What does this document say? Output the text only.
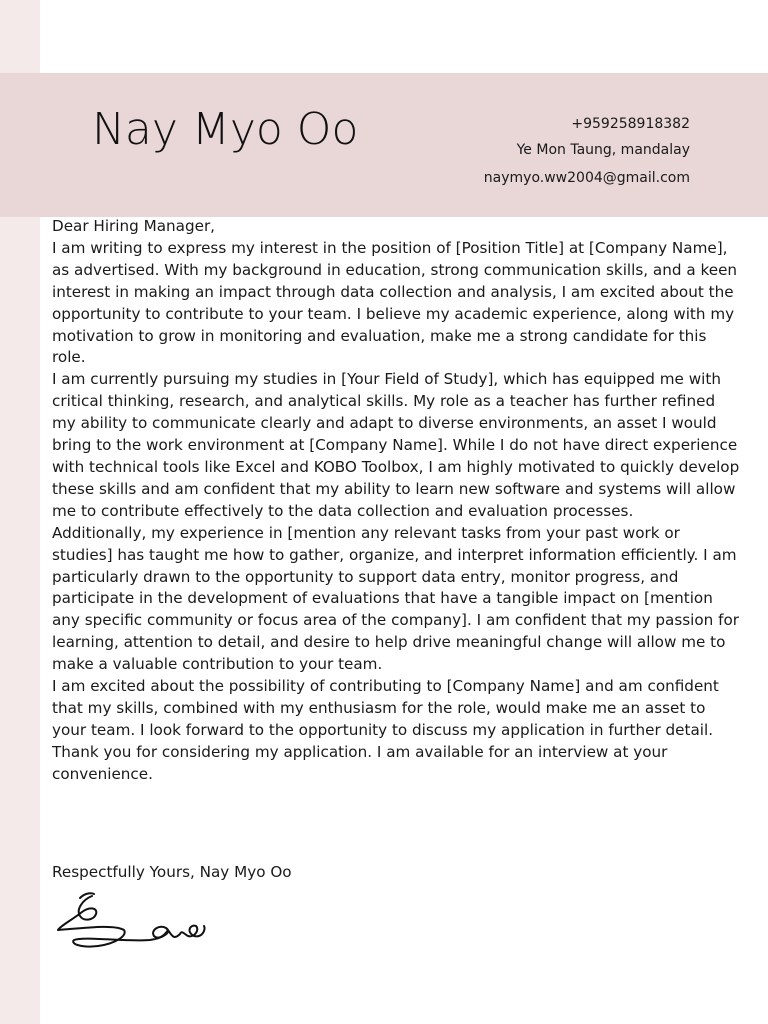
Nay Myo Oo	+959258918382
Ye Mon Taung, mandalay
naymyo.ww2004@gmail.com

Dear Hiring Manager,

I am writing to express my interest in the position of [Position Title] at [Company Name], as advertised. With my background in education, strong communication skills, and a keen interest in making an impact through data collection and analysis, I am excited about the opportunity to contribute to your team. I believe my academic experience, along with my motivation to grow in monitoring and evaluation, make me a strong candidate for this role.

I am currently pursuing my studies in [Your Field of Study], which has equipped me with critical thinking, research, and analytical skills. My role as a teacher has further refined my ability to communicate clearly and adapt to diverse environments, an asset I would bring to the work environment at [Company Name]. While I do not have direct experience with technical tools like Excel and KOBO Toolbox, I am highly motivated to quickly develop these skills and am confident that my ability to learn new software and systems will allow me to contribute effectively to the data collection and evaluation processes.

Additionally, my experience in [mention any relevant tasks from your past work or studies] has taught me how to gather, organize, and interpret information efficiently. I am particularly drawn to the opportunity to support data entry, monitor progress, and participate in the development of evaluations that have a tangible impact on [mention any specific community or focus area of the company]. I am confident that my passion for learning, attention to detail, and desire to help drive meaningful change will allow me to make a valuable contribution to your team.

I am excited about the possibility of contributing to [Company Name] and am confident that my skills, combined with my enthusiasm for the role, would make me an asset to your team. I look forward to the opportunity to discuss my application in further detail.

Thank you for considering my application. I am available for an interview at your convenience.

Respectfully Yours, Nay Myo Oo
